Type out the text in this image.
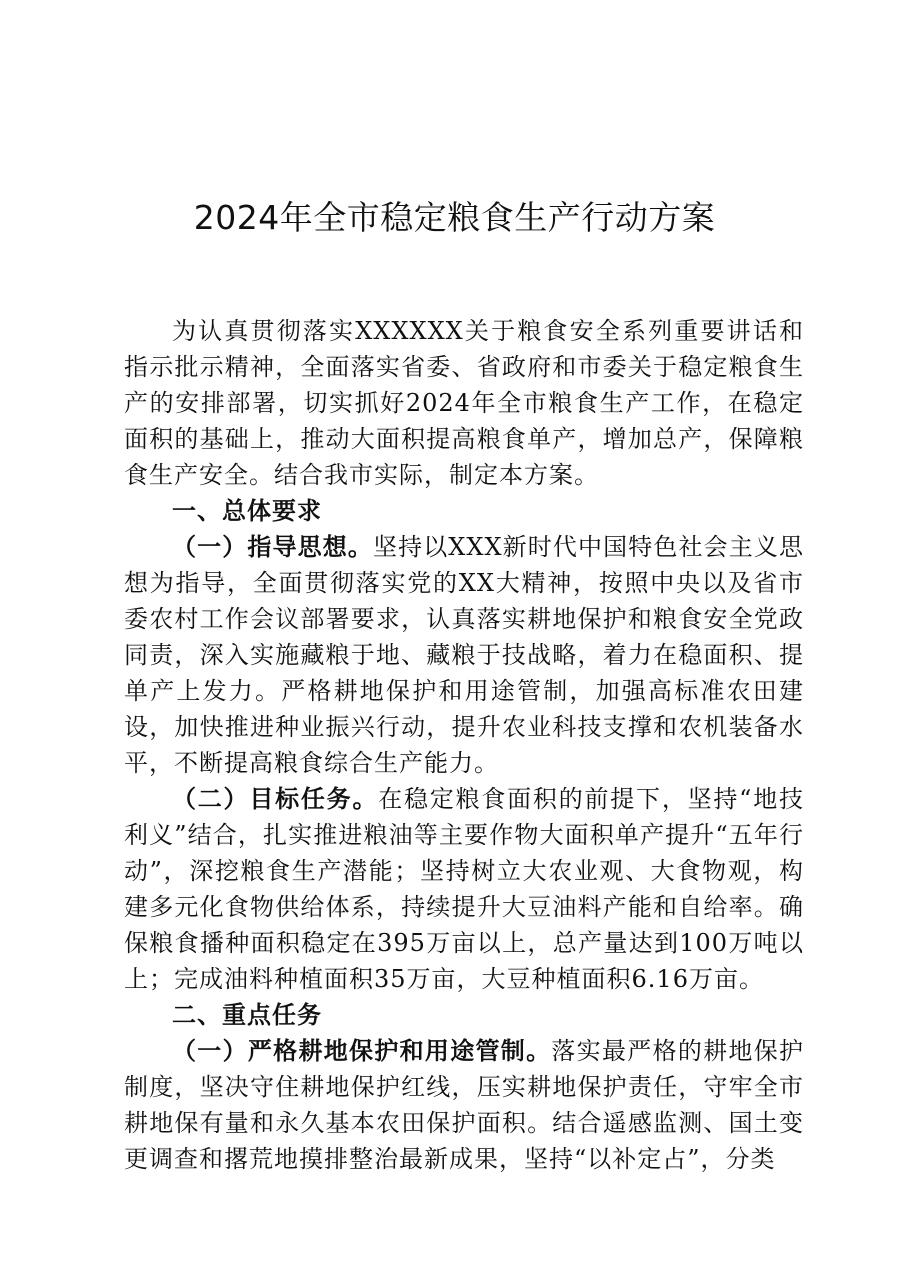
2024年全市稳定粮食生产行动方案

为认真贯彻落实XXXXXX关于粮食安全系列重要讲话和指示批示精神，全面落实省委、省政府和市委关于稳定粮食生产的安排部署，切实抓好2024年全市粮食生产工作，在稳定面积的基础上，推动大面积提高粮食单产，增加总产，保障粮食生产安全。结合我市实际，制定本方案。

一、总体要求

（一）指导思想。坚持以XXX新时代中国特色社会主义思想为指导，全面贯彻落实党的XX大精神，按照中央以及省市委农村工作会议部署要求，认真落实耕地保护和粮食安全党政同责，深入实施藏粮于地、藏粮于技战略，着力在稳面积、提单产上发力。严格耕地保护和用途管制，加强高标准农田建设，加快推进种业振兴行动，提升农业科技支撑和农机装备水平，不断提高粮食综合生产能力。

（二）目标任务。在稳定粮食面积的前提下，坚持“地技利义”结合，扎实推进粮油等主要作物大面积单产提升“五年行动”，深挖粮食生产潜能；坚持树立大农业观、大食物观，构建多元化食物供给体系，持续提升大豆油料产能和自给率。确保粮食播种面积稳定在395万亩以上，总产量达到100万吨以上；完成油料种植面积35万亩，大豆种植面积6.16万亩。

二、重点任务

（一）严格耕地保护和用途管制。落实最严格的耕地保护制度，坚决守住耕地保护红线，压实耕地保护责任，守牢全市耕地保有量和永久基本农田保护面积。结合遥感监测、国土变更调查和撂荒地摸排整治最新成果，坚持“以补定占”，分类
